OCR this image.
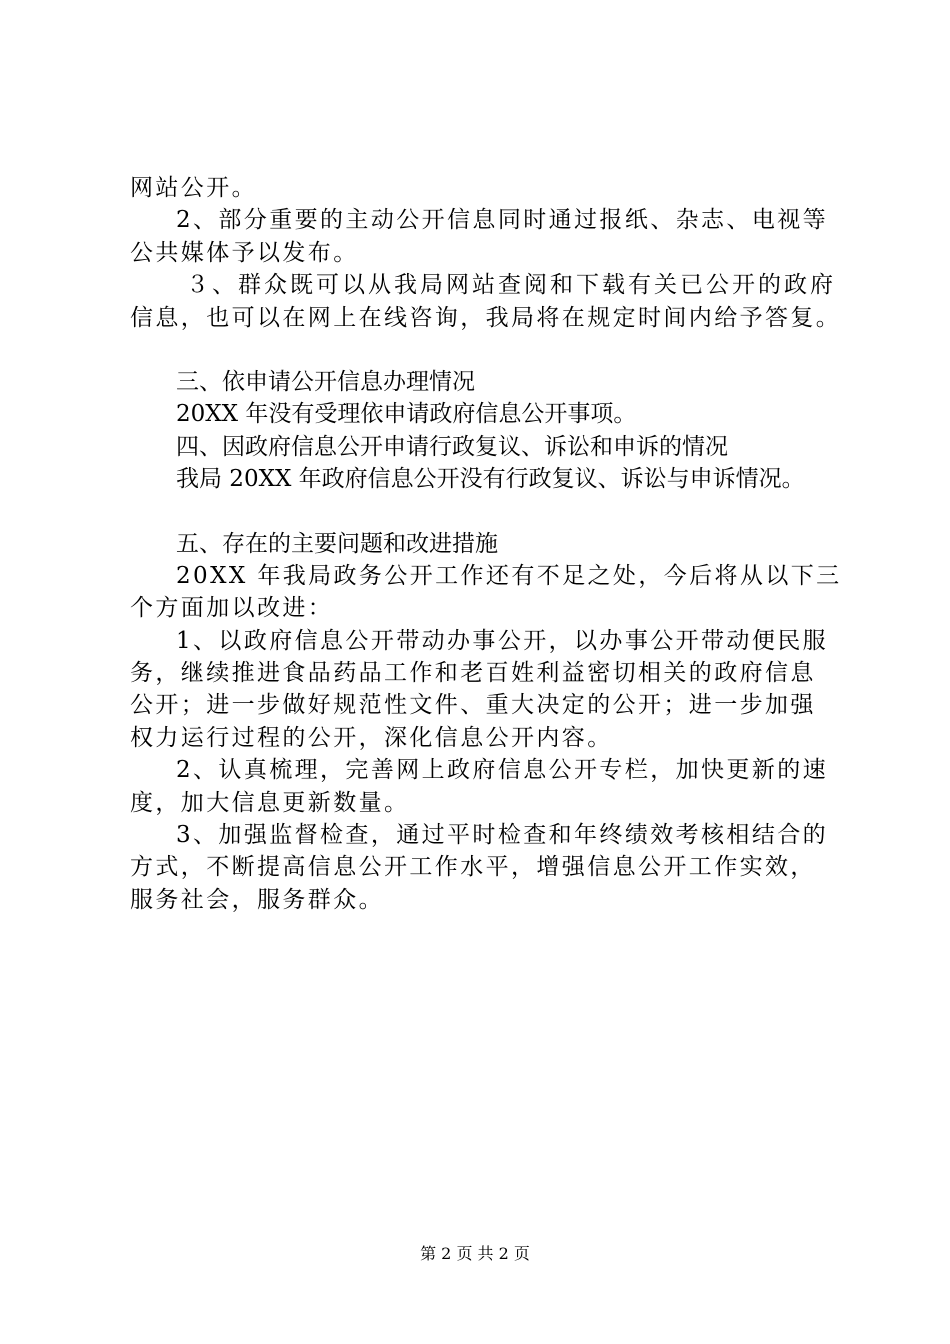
网站公开。
2、部分重要的主动公开信息同时通过报纸、杂志、电视等
公共媒体予以发布。
３、群众既可以从我局网站查阅和下载有关已公开的政府
信息，也可以在网上在线咨询，我局将在规定时间内给予答复。
三、依申请公开信息办理情况
20XX 年没有受理依申请政府信息公开事项。
四、因政府信息公开申请行政复议、诉讼和申诉的情况
我局 20XX 年政府信息公开没有行政复议、诉讼与申诉情况。
五、存在的主要问题和改进措施
20XX 年我局政务公开工作还有不足之处，今后将从以下三
个方面加以改进：
1、以政府信息公开带动办事公开，以办事公开带动便民服
务，继续推进食品药品工作和老百姓利益密切相关的政府信息
公开；进一步做好规范性文件、重大决定的公开；进一步加强
权力运行过程的公开，深化信息公开内容。
2、认真梳理，完善网上政府信息公开专栏，加快更新的速
度，加大信息更新数量。
3、加强监督检查，通过平时检查和年终绩效考核相结合的
方式，不断提高信息公开工作水平，增强信息公开工作实效，
服务社会，服务群众。
第 2 页 共 2 页
